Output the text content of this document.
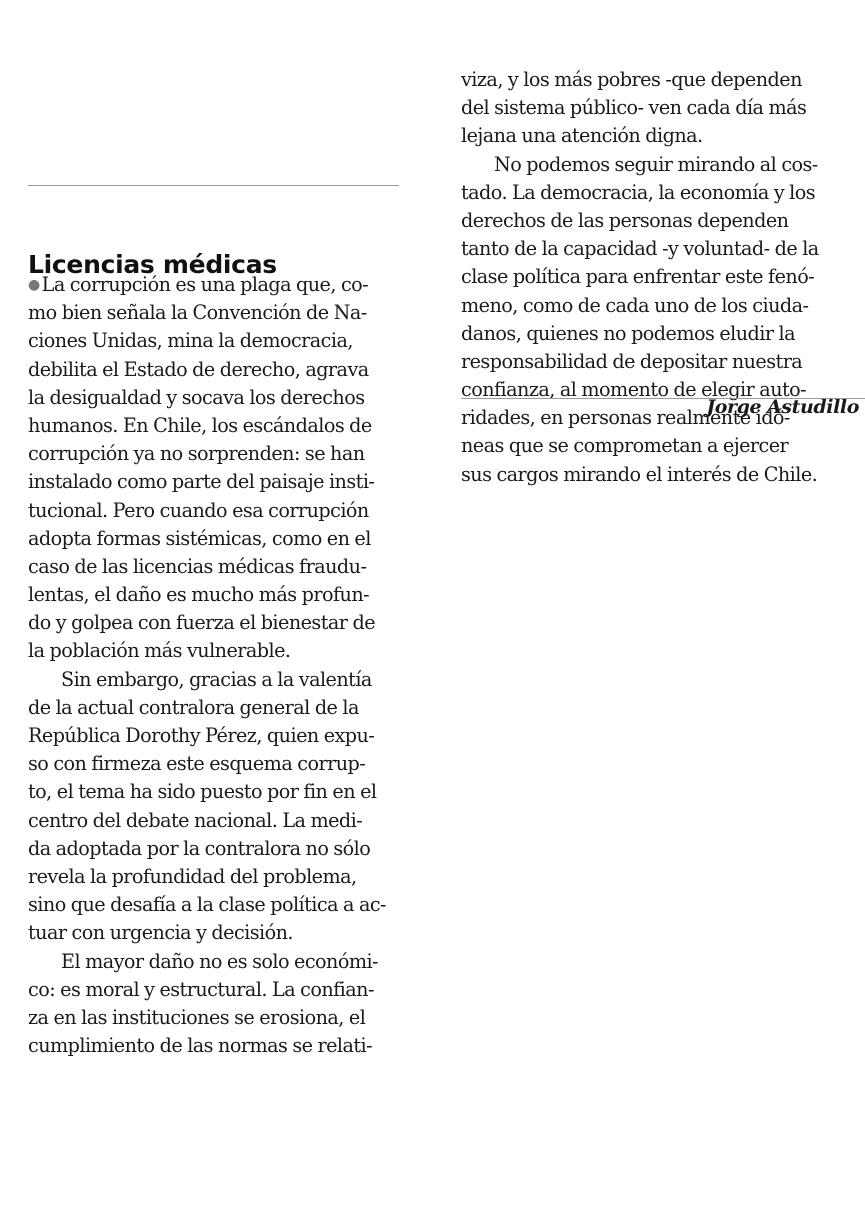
Licencias médicas
● La corrupción es una plaga que, co-
mo bien señala la Convención de Na-
ciones Unidas, mina la democracia,
debilita el Estado de derecho, agrava
la desigualdad y socava los derechos
humanos. En Chile, los escándalos de
corrupción ya no sorprenden: se han
instalado como parte del paisaje insti-
tucional. Pero cuando esa corrupción
adopta formas sistémicas, como en el
caso de las licencias médicas fraudu-
lentas, el daño es mucho más profun-
do y golpea con fuerza el bienestar de
la población más vulnerable.
Sin embargo, gracias a la valentía
de la actual contralora general de la
República Dorothy Pérez, quien expu-
so con firmeza este esquema corrup-
to, el tema ha sido puesto por fin en el
centro del debate nacional. La medi-
da adoptada por la contralora no sólo
revela la profundidad del problema,
sino que desafía a la clase política a ac-
tuar con urgencia y decisión.
El mayor daño no es solo económi-
co: es moral y estructural. La confian-
za en las instituciones se erosiona, el
cumplimiento de las normas se relati-
viza, y los más pobres -que dependen
del sistema público- ven cada día más
lejana una atención digna.
No podemos seguir mirando al cos-
tado. La democracia, la economía y los
derechos de las personas dependen
tanto de la capacidad -y voluntad- de la
clase política para enfrentar este fenó-
meno, como de cada uno de los ciuda-
danos, quienes no podemos eludir la
responsabilidad de depositar nuestra
confianza, al momento de elegir auto-
ridades, en personas realmente idó-
neas que se comprometan a ejercer
sus cargos mirando el interés de Chile.
Jorge Astudillo
